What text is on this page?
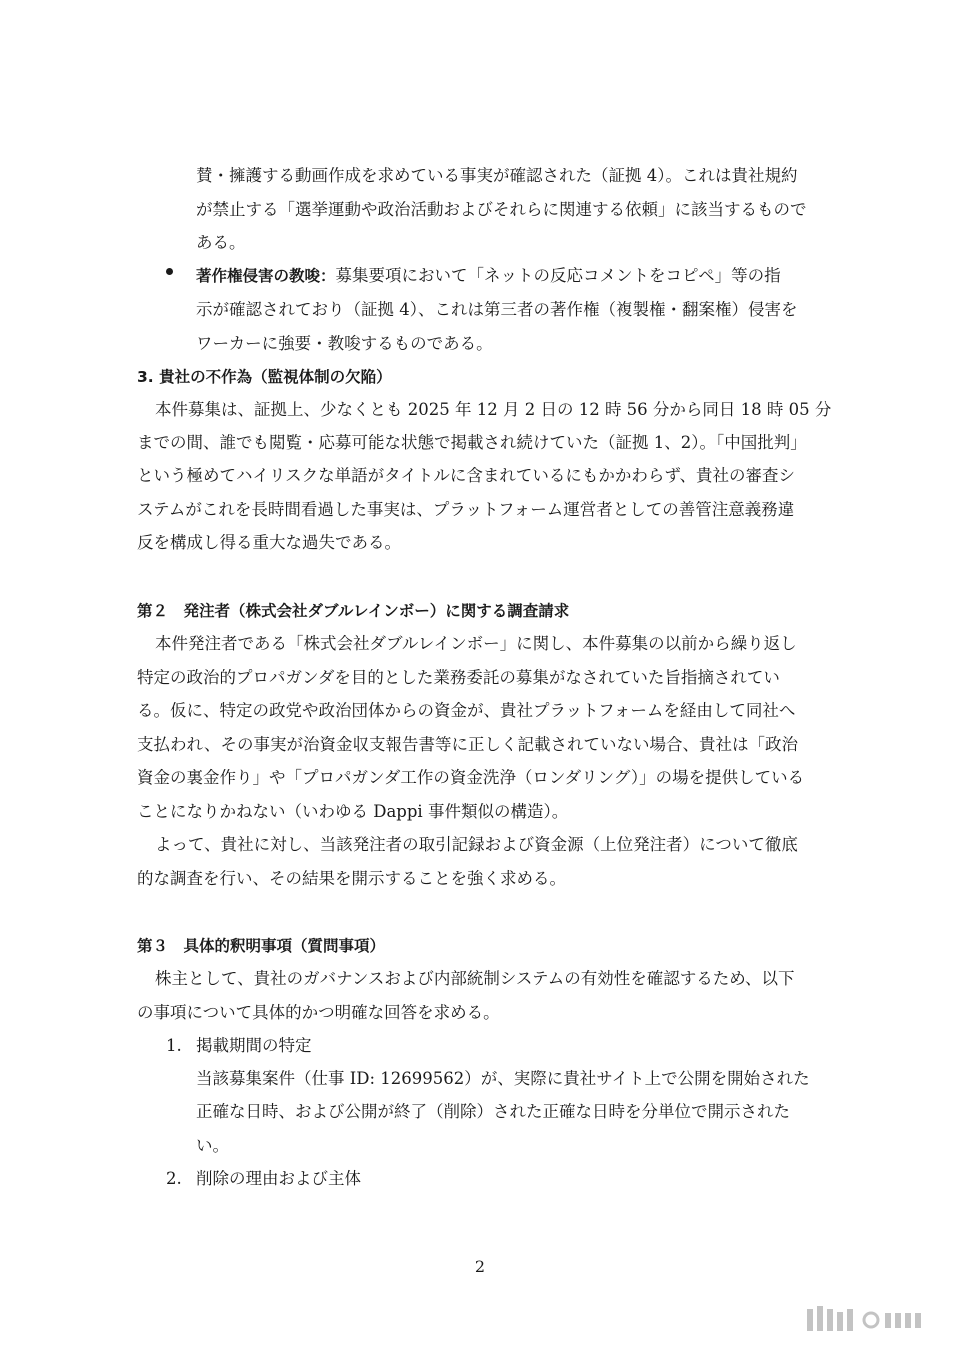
賛・擁護する動画作成を求めている事実が確認された（証拠 4）。これは貴社規約
が禁止する「選挙運動や政治活動およびそれらに関連する依頼」に該当するもので
ある。
著作権侵害の教唆：募集要項において「ネットの反応コメントをコピペ」等の指
示が確認されており（証拠 4）、これは第三者の著作権（複製権・翻案権）侵害を
ワーカーに強要・教唆するものである。
3. 貴社の不作為（監視体制の欠陥）
本件募集は、証拠上、少なくとも 2025 年 12 月 2 日の 12 時 56 分から同日 18 時 05 分
までの間、誰でも閲覧・応募可能な状態で掲載され続けていた（証拠 1、2）。「中国批判」
という極めてハイリスクな単語がタイトルに含まれているにもかかわらず、貴社の審査シ
ステムがこれを長時間看過した事実は、プラットフォーム運営者としての善管注意義務違
反を構成し得る重大な過失である。
第２　発注者（株式会社ダブルレインボー）に関する調査請求
本件発注者である「株式会社ダブルレインボー」に関し、本件募集の以前から繰り返し
特定の政治的プロパガンダを目的とした業務委託の募集がなされていた旨指摘されてい
る。仮に、特定の政党や政治団体からの資金が、貴社プラットフォームを経由して同社へ
支払われ、その事実が治資金収支報告書等に正しく記載されていない場合、貴社は「政治
資金の裏金作り」や「プロパガンダ工作の資金洗浄（ロンダリング）」の場を提供している
ことになりかねない（いわゆる Dappi 事件類似の構造）。
よって、貴社に対し、当該発注者の取引記録および資金源（上位発注者）について徹底
的な調査を行い、その結果を開示することを強く求める。
第３　具体的釈明事項（質問事項）
株主として、貴社のガバナンスおよび内部統制システムの有効性を確認するため、以下
の事項について具体的かつ明確な回答を求める。
1. 掲載期間の特定
当該募集案件（仕事 ID: 12699562）が、実際に貴社サイト上で公開を開始された
正確な日時、および公開が終了（削除）された正確な日時を分単位で開示された
い。
2. 削除の理由および主体
2
